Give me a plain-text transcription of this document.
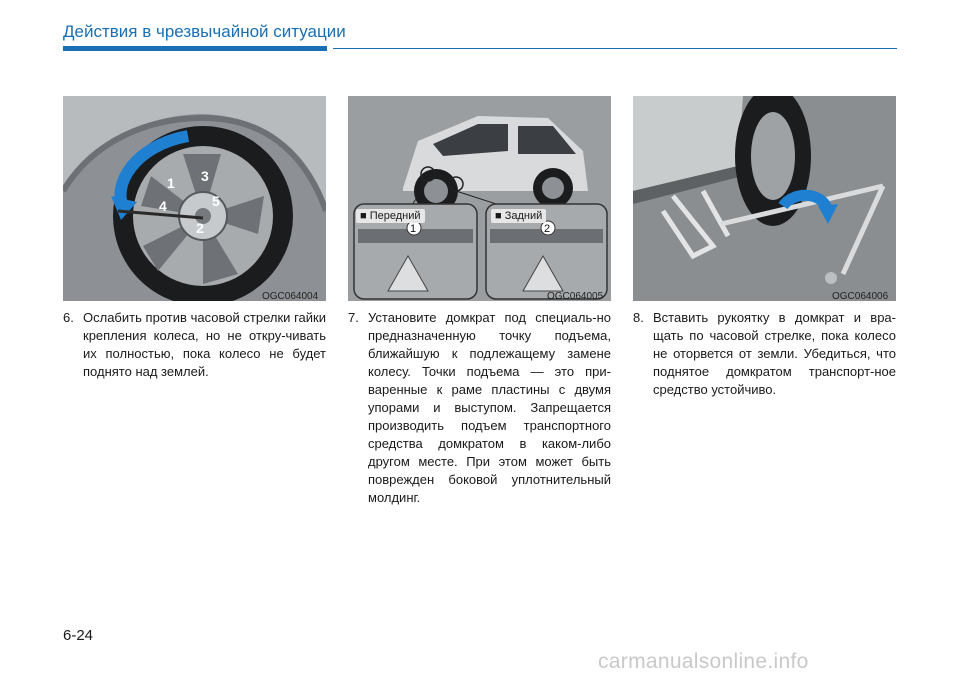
Действия в чрезвычайной ситуации
1
2
3
4	5
OGC064004
1	2
■ Передний	■ Задний
OGC064005	OGC064006
6. Ослабить против часовой стрелки гайки крепления колеса, но не откру-чивать их полностью, пока колесо не будет поднято над землей.
7. Установите домкрат под специаль-но предназначенную точку подъема, ближайшую к подлежащему замене колесу. Точки подъема — это при-варенные к раме пластины с двумя упорами и выступом. Запрещается производить подъем транспортного средства домкратом в каком-либо другом месте. При этом может быть поврежден боковой уплотнительный молдинг.
8. Вставить рукоятку в домкрат и вра-щать по часовой стрелке, пока колесо не оторвется от земли. Убедиться, что поднятое домкратом транспорт-ное средство устойчиво.
6-24
carmanualsonline.info
